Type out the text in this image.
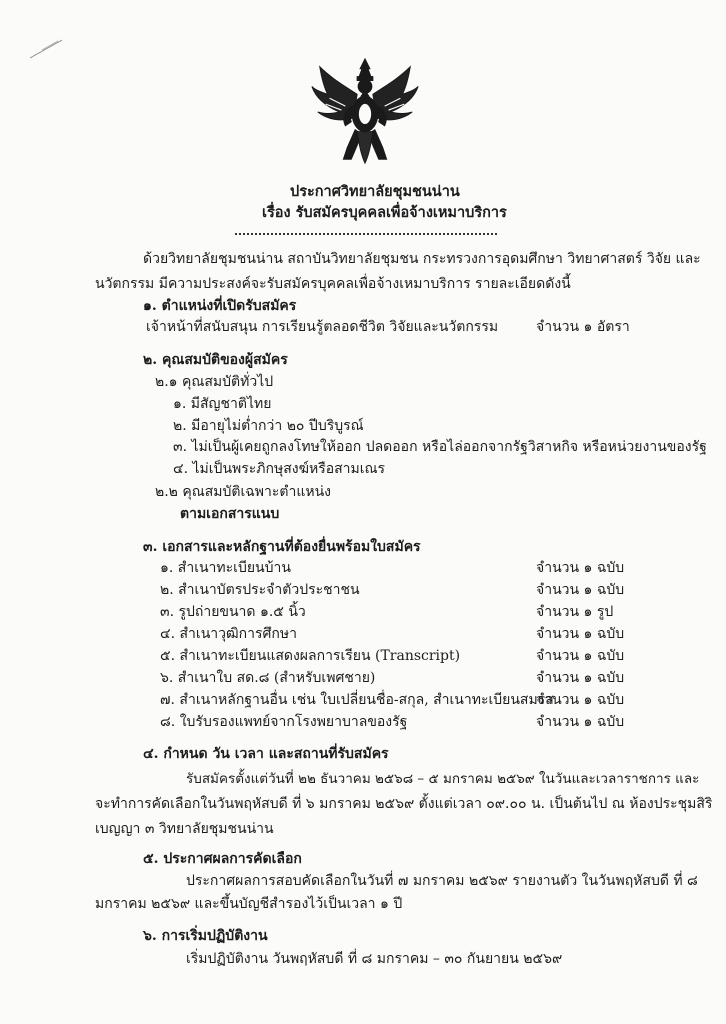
ประกาศวิทยาลัยชุมชนน่าน
เรื่อง รับสมัครบุคคลเพื่อจ้างเหมาบริการ
ด้วยวิทยาลัยชุมชนน่าน สถาบันวิทยาลัยชุมชน กระทรวงการอุดมศึกษา วิทยาศาสตร์ วิจัย และ
นวัตกรรม มีความประสงค์จะรับสมัครบุคคลเพื่อจ้างเหมาบริการ รายละเอียดดังนี้
๑. ตำแหน่งที่เปิดรับสมัคร
เจ้าหน้าที่สนับสนุน การเรียนรู้ตลอดชีวิต วิจัยและนวัตกรรม	จำนวน ๑ อัตรา
๒. คุณสมบัติของผู้สมัคร
๒.๑ คุณสมบัติทั่วไป
๑. มีสัญชาติไทย
๒. มีอายุไม่ต่ำกว่า ๒๐ ปีบริบูรณ์
๓. ไม่เป็นผู้เคยถูกลงโทษให้ออก ปลดออก หรือไล่ออกจากรัฐวิสาหกิจ หรือหน่วยงานของรัฐ
๔. ไม่เป็นพระภิกษุสงฆ์หรือสามเณร
๒.๒ คุณสมบัติเฉพาะตำแหน่ง
ตามเอกสารแนบ
๓. เอกสารและหลักฐานที่ต้องยื่นพร้อมใบสมัคร
๑. สำเนาทะเบียนบ้าน	จำนวน ๑ ฉบับ
๒. สำเนาบัตรประจำตัวประชาชน	จำนวน ๑ ฉบับ
๓. รูปถ่ายขนาด ๑.๕ นิ้ว	จำนวน ๑ รูป
๔. สำเนาวุฒิการศึกษา	จำนวน ๑ ฉบับ
๕. สำเนาทะเบียนแสดงผลการเรียน (Transcript)	จำนวน ๑ ฉบับ
๖. สำเนาใบ สด.๘ (สำหรับเพศชาย)	จำนวน ๑ ฉบับ
๗. สำเนาหลักฐานอื่น เช่น ใบเปลี่ยนชื่อ-สกุล, สำเนาทะเบียนสมรส
จำนวน ๑ ฉบับ
๘. ใบรับรองแพทย์จากโรงพยาบาลของรัฐ	จำนวน ๑ ฉบับ
๔. กำหนด วัน เวลา และสถานที่รับสมัคร
รับสมัครตั้งแต่วันที่ ๒๒ ธันวาคม ๒๕๖๘ – ๕ มกราคม ๒๕๖๙ ในวันและเวลาราชการ และ
จะทำการคัดเลือกในวันพฤหัสบดี ที่ ๖ มกราคม ๒๕๖๙ ตั้งแต่เวลา ๐๙.๐๐ น. เป็นต้นไป ณ ห้องประชุมสิริ
เบญญา ๓ วิทยาลัยชุมชนน่าน
๕. ประกาศผลการคัดเลือก
ประกาศผลการสอบคัดเลือกในวันที่ ๗ มกราคม ๒๕๖๙ รายงานตัว ในวันพฤหัสบดี ที่ ๘
มกราคม ๒๕๖๙ และขึ้นบัญชีสำรองไว้เป็นเวลา ๑ ปี
๖. การเริ่มปฏิบัติงาน
เริ่มปฏิบัติงาน วันพฤหัสบดี ที่ ๘ มกราคม – ๓๐ กันยายน ๒๕๖๙
